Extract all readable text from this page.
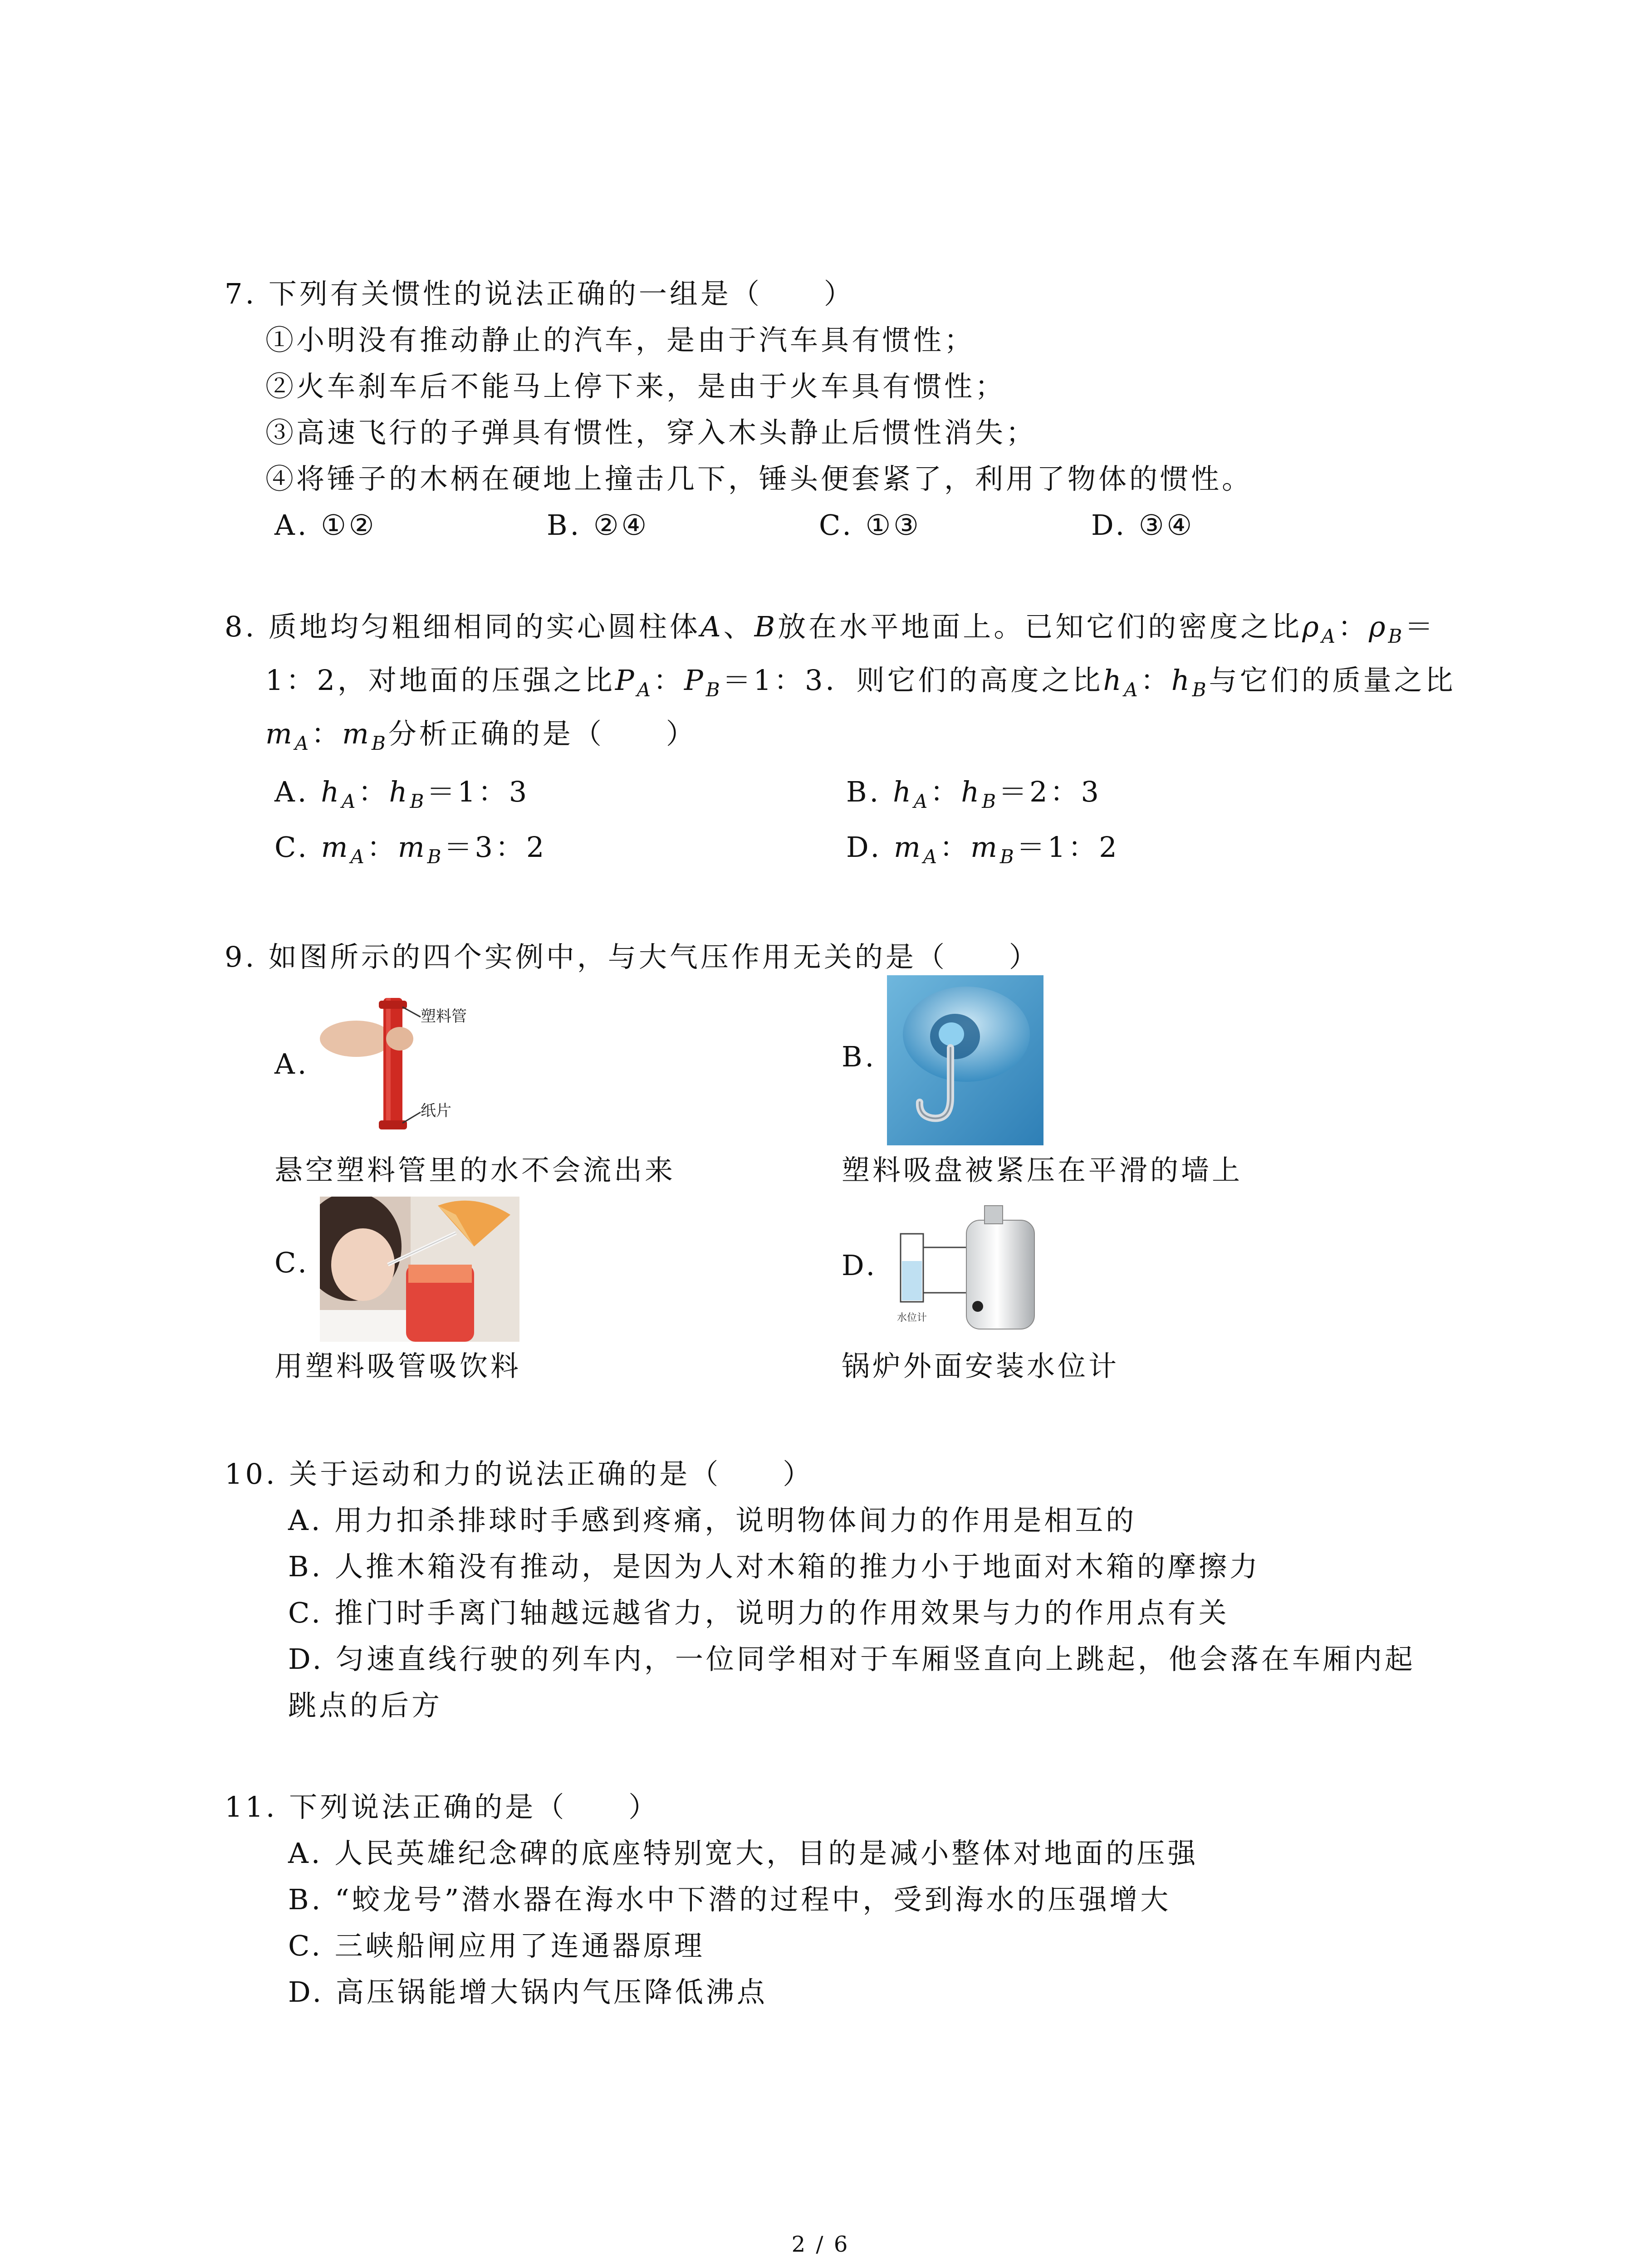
7. 下列有关惯性的说法正确的一组是（　　）
①小明没有推动静止的汽车，是由于汽车具有惯性；
②火车刹车后不能马上停下来，是由于火车具有惯性；
③高速飞行的子弹具有惯性，穿入木头静止后惯性消失；
④将锤子的木柄在硬地上撞击几下，锤头便套紧了，利用了物体的惯性。
A. ①②	B. ②④	C. ①③	D. ③④
8. 质地均匀粗细相同的实心圆柱体A、B放在水平地面上。已知它们的密度之比$\rho_A$：$\rho_B=$
1：2，对地面的压强之比$P_A$：$P_B=1$：3．则它们的高度之比$h_A$：$h_B$与它们的质量之比
$m_A$：$m_B$分析正确的是（　　）
A. $h_A$：$h_B=1$：3	B. $h_A$：$h_B=2$：3
C. $m_A$：$m_B=3$：2	D. $m_A$：$m_B=1$：2
9. 如图所示的四个实例中，与大气压作用无关的是（　　）
A.
塑料管
纸片
悬空塑料管里的水不会流出来
B.
塑料吸盘被紧压在平滑的墙上
C.
用塑料吸管吸饮料
D.
水位计
锅炉外面安装水位计
10. 关于运动和力的说法正确的是（　　）
A. 用力扣杀排球时手感到疼痛，说明物体间力的作用是相互的
B. 人推木箱没有推动，是因为人对木箱的推力小于地面对木箱的摩擦力
C. 推门时手离门轴越远越省力，说明力的作用效果与力的作用点有关
D. 匀速直线行驶的列车内，一位同学相对于车厢竖直向上跳起，他会落在车厢内起
跳点的后方
11. 下列说法正确的是（　　）
A. 人民英雄纪念碑的底座特别宽大，目的是减小整体对地面的压强
B. “蛟龙号”潜水器在海水中下潜的过程中，受到海水的压强增大
C. 三峡船闸应用了连通器原理
D. 高压锅能增大锅内气压降低沸点
2 / 6
